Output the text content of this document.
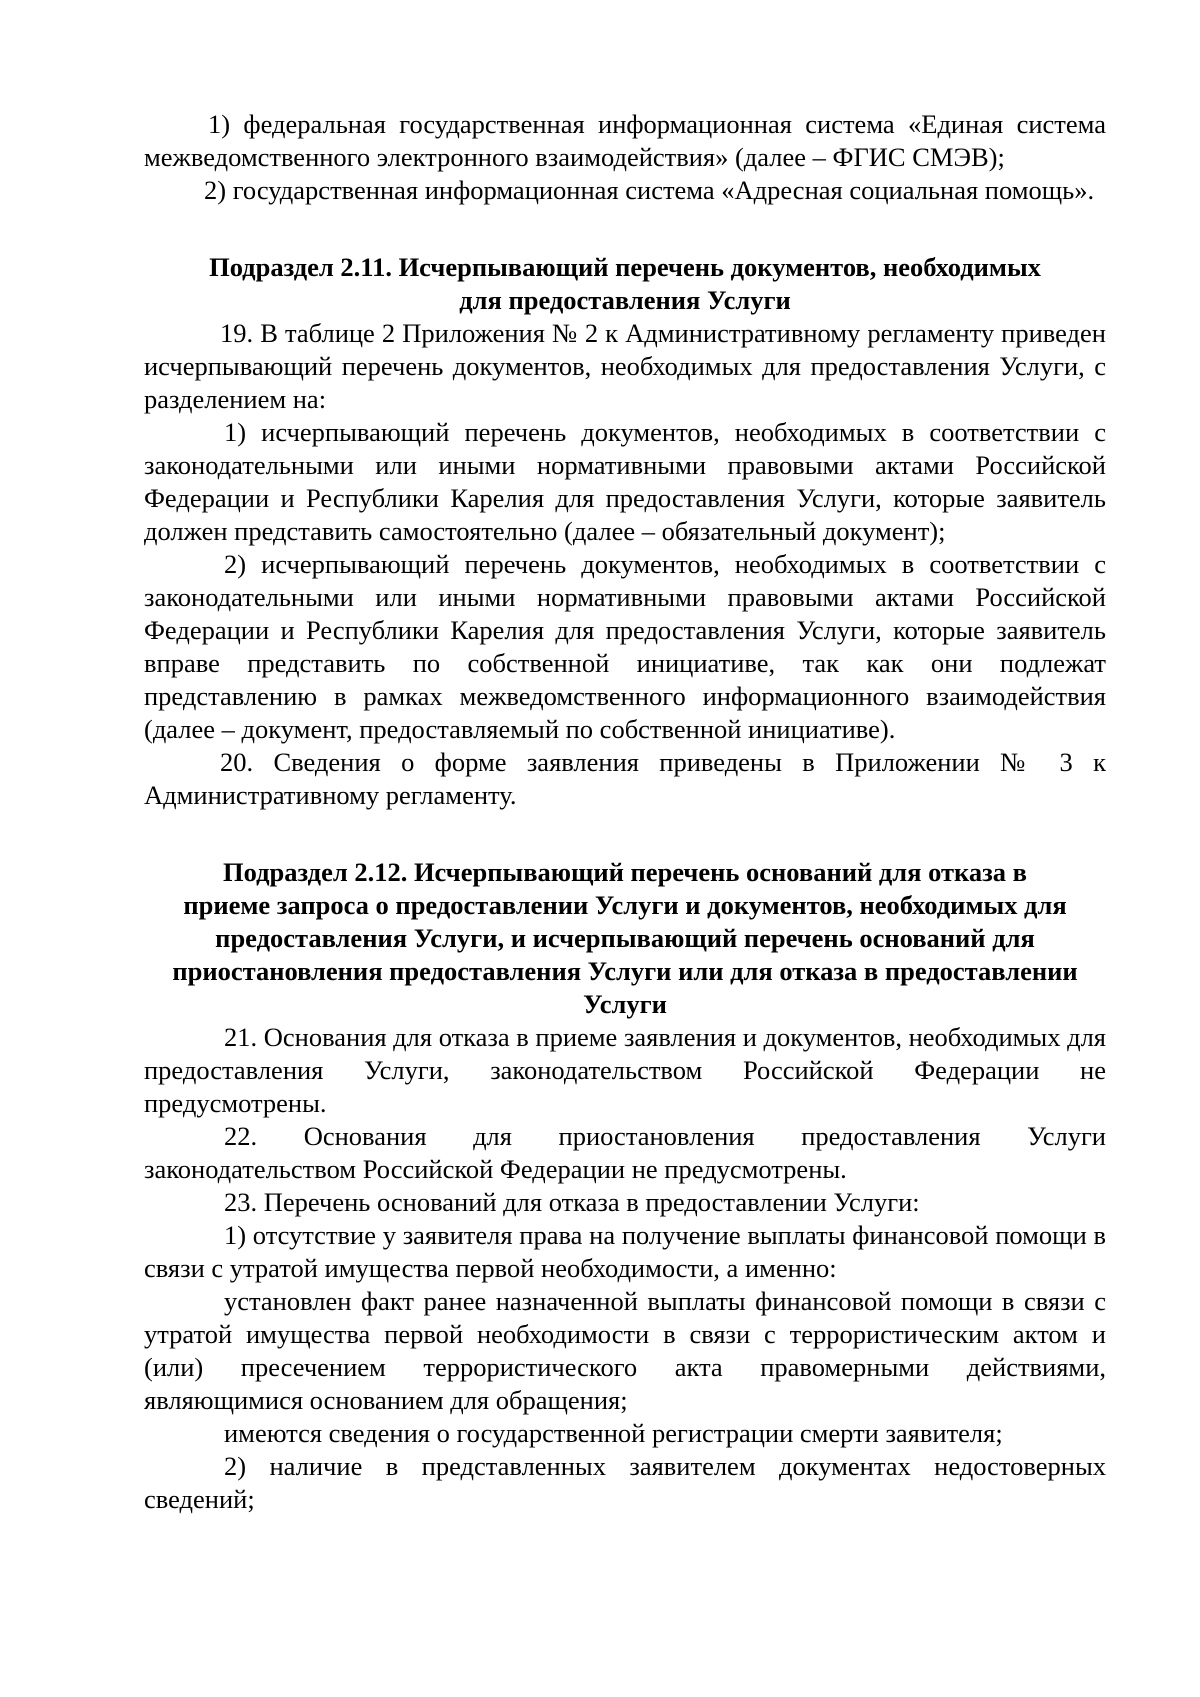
1) федеральная государственная информационная система «Единая система межведомственного электронного взаимодействия» (далее – ФГИС СМЭВ);

2) государственная информационная система «Адресная социальная помощь».

Подраздел 2.11. Исчерпывающий перечень документов, необходимых
для предоставления Услуги

19. В таблице 2 Приложения № 2 к Административному регламенту приведен исчерпывающий перечень документов, необходимых для предоставления Услуги, с разделением на:

1) исчерпывающий перечень документов, необходимых в соответствии с законодательными или иными нормативными правовыми актами Российской Федерации и Республики Карелия для предоставления Услуги, которые заявитель должен представить самостоятельно (далее – обязательный документ);

2) исчерпывающий перечень документов, необходимых в соответствии с законодательными или иными нормативными правовыми актами Российской Федерации и Республики Карелия для предоставления Услуги, которые заявитель вправе представить по собственной инициативе, так как они подлежат представлению в рамках межведомственного информационного взаимодействия (далее – документ, предоставляемый по собственной инициативе).

20. Сведения о форме заявления приведены в Приложении № 3 к Административному регламенту.

Подраздел 2.12. Исчерпывающий перечень оснований для отказа в
приеме запроса о предоставлении Услуги и документов, необходимых для
предоставления Услуги, и исчерпывающий перечень оснований для
приостановления предоставления Услуги или для отказа в предоставлении
Услуги

21. Основания для отказа в приеме заявления и документов, необходимых для предоставления Услуги, законодательством Российской Федерации не предусмотрены.

22. Основания для приостановления предоставления Услуги законодательством Российской Федерации не предусмотрены.

23. Перечень оснований для отказа в предоставлении Услуги:

1) отсутствие у заявителя права на получение выплаты финансовой помощи в связи с утратой имущества первой необходимости, а именно:

установлен факт ранее назначенной выплаты финансовой помощи в связи с утратой имущества первой необходимости в связи с террористическим актом и (или) пресечением террористического акта правомерными действиями, являющимися основанием для обращения;

имеются сведения о государственной регистрации смерти заявителя;

2) наличие в представленных заявителем документах недостоверных сведений;
